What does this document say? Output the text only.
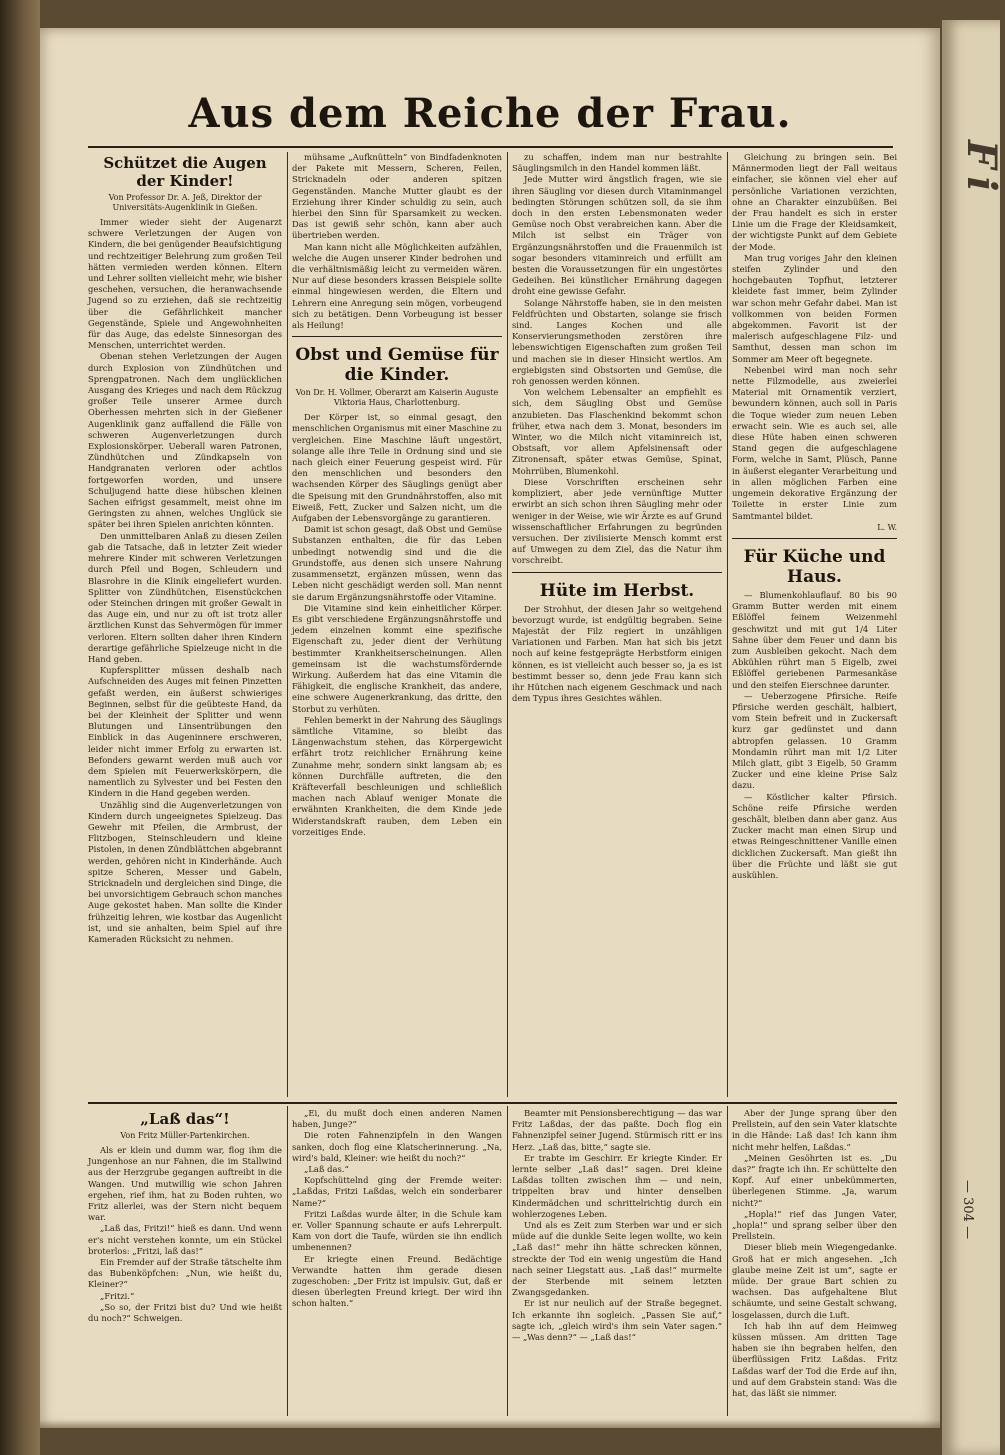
Fi
— 304 —
Aus dem Reiche der Frau.
Schützet die Augen der Kinder!
Von Professor Dr. A. Jeß, Direktor der Universitäts-Augenklinik in Gießen.

Immer wieder sieht der Augenarzt schwere Verletzungen der Augen von Kindern, die bei genügender Beaufsichtigung und rechtzeitiger Belehrung zum großen Teil hätten vermieden werden können. Eltern und Lehrer sollten vielleicht mehr, wie bisher geschehen, versuchen, die heranwachsende Jugend so zu erziehen, daß sie rechtzeitig über die Gefährlichkeit mancher Gegenstände, Spiele und Angewohnheiten für das Auge, das edelste Sinnesorgan des Menschen, unterrichtet werden.

Obenan stehen Verletzungen der Augen durch Explosion von Zündhütchen und Sprengpatronen. Nach dem unglücklichen Ausgang des Krieges und nach dem Rückzug großer Teile unserer Armee durch Oberhessen mehrten sich in der Gießener Augenklinik ganz auffallend die Fälle von schweren Augenverletzungen durch Explosionskörper. Ueberall waren Patronen, Zündhütchen und Zündkapseln von Handgranaten verloren oder achtlos fortgeworfen worden, und unsere Schuljugend hatte diese hübschen kleinen Sachen eifrigst gesammelt, meist ohne im Geringsten zu ahnen, welches Unglück sie später bei ihren Spielen anrichten könnten.

Den unmittelbaren Anlaß zu diesen Zeilen gab die Tatsache, daß in letzter Zeit wieder mehrere Kinder mit schweren Verletzungen durch Pfeil und Bogen, Schleudern und Blasrohre in die Klinik eingeliefert wurden. Splitter von Zündhütchen, Eisenstückchen oder Steinchen dringen mit großer Gewalt in das Auge ein, und nur zu oft ist trotz aller ärztlichen Kunst das Sehvermögen für immer verloren. Eltern sollten daher ihren Kindern derartige gefährliche Spielzeuge nicht in die Hand geben.

Kupfersplitter müssen deshalb nach Aufschneiden des Auges mit feinen Pinzetten gefaßt werden, ein äußerst schwieriges Beginnen, selbst für die geübteste Hand, da bei der Kleinheit der Splitter und wenn Blutungen und Linsentrübungen den Einblick in das Augeninnere erschweren, leider nicht immer Erfolg zu erwarten ist. Befonders gewarnt werden muß auch vor dem Spielen mit Feuerwerkskörpern, die namentlich zu Sylvester und bei Festen den Kindern in die Hand gegeben werden.

Unzählig sind die Augenverletzungen von Kindern durch ungeeignetes Spielzeug. Das Gewehr mit Pfeilen, die Armbrust, der Flitzbogen, Steinschleudern und kleine Pistolen, in denen Zündblättchen abgebrannt werden, gehören nicht in Kinderhände. Auch spitze Scheren, Messer und Gabeln, Stricknadeln und dergleichen sind Dinge, die bei unvorsichtigem Gebrauch schon manches Auge gekostet haben. Man sollte die Kinder frühzeitig lehren, wie kostbar das Augenlicht ist, und sie anhalten, beim Spiel auf ihre Kameraden Rücksicht zu nehmen.

mühsame „Aufknütteln“ von Bindfadenknoten der Pakete mit Messern, Scheren, Feilen, Stricknadeln oder anderen spitzen Gegenständen. Manche Mutter glaubt es der Erziehung ihrer Kinder schuldig zu sein, auch hierbei den Sinn für Sparsamkeit zu wecken. Das ist gewiß sehr schön, kann aber auch übertrieben werden.

Man kann nicht alle Möglichkeiten aufzählen, welche die Augen unserer Kinder bedrohen und die verhältnismäßig leicht zu vermeiden wären. Nur auf diese besonders krassen Beispiele sollte einmal hingewiesen werden, die Eltern und Lehrern eine Anregung sein mögen, vorbeugend sich zu betätigen. Denn Vorbeugung ist besser als Heilung!

Obst und Gemüse für die Kinder.
Von Dr. H. Vollmer, Oberarzt am Kaiserin Auguste Viktoria Haus, Charlottenburg.

Der Körper ist, so einmal gesagt, den menschlichen Organismus mit einer Maschine zu vergleichen. Eine Maschine läuft ungestört, solange alle ihre Teile in Ordnung sind und sie nach gleich einer Feuerung gespeist wird. Für den menschlichen und besonders den wachsenden Körper des Säuglings genügt aber die Speisung mit den Grundnährstoffen, also mit Eiweiß, Fett, Zucker und Salzen nicht, um die Aufgaben der Lebensvorgänge zu garantieren.

Damit ist schon gesagt, daß Obst und Gemüse Substanzen enthalten, die für das Leben unbedingt notwendig sind und die die Grundstoffe, aus denen sich unsere Nahrung zusammensetzt, ergänzen müssen, wenn das Leben nicht geschädigt werden soll. Man nennt sie darum Ergänzungsnährstoffe oder Vitamine.

Die Vitamine sind kein einheitlicher Körper. Es gibt verschiedene Ergänzungsnährstoffe und jedem einzelnen kommt eine spezifische Eigenschaft zu, jeder dient der Verhütung bestimmter Krankheitserscheinungen. Allen gemeinsam ist die wachstumsfördernde Wirkung. Außerdem hat das eine Vitamin die Fähigkeit, die englische Krankheit, das andere, eine schwere Augenerkrankung, das dritte, den Storbut zu verhüten.

Fehlen bemerkt in der Nahrung des Säuglings sämtliche Vitamine, so bleibt das Längenwachstum stehen, das Körpergewicht erfährt trotz reichlicher Ernährung keine Zunahme mehr, sondern sinkt langsam ab; es können Durchfälle auftreten, die den Kräfteverfall beschleunigen und schließlich machen nach Ablauf weniger Monate die erwähnten Krankheiten, die dem Kinde jede Widerstandskraft rauben, dem Leben ein vorzeitiges Ende.

zu schaffen, indem man nur bestrahlte Säuglingsmilch in den Handel kommen läßt.

Jede Mutter wird ängstlich fragen, wie sie ihren Säugling vor diesen durch Vitaminmangel bedingten Störungen schützen soll, da sie ihm doch in den ersten Lebensmonaten weder Gemüse noch Obst verabreichen kann. Aber die Milch ist selbst ein Träger von Ergänzungsnährstoffen und die Frauenmilch ist sogar besonders vitaminreich und erfüllt am besten die Voraussetzungen für ein ungestörtes Gedeihen. Bei künstlicher Ernährung dagegen droht eine gewisse Gefahr.

Solange Nährstoffe haben, sie in den meisten Feldfrüchten und Obstarten, solange sie frisch sind. Langes Kochen und alle Konservierungsmethoden zerstören ihre lebenswichtigen Eigenschaften zum großen Teil und machen sie in dieser Hinsicht wertlos. Am ergiebigsten sind Obstsorten und Gemüse, die roh genossen werden können.

Von welchem Lebensalter an empfiehlt es sich, dem Säugling Obst und Gemüse anzubieten. Das Flaschenkind bekommt schon früher, etwa nach dem 3. Monat, besonders im Winter, wo die Milch nicht vitaminreich ist, Obstsaft, vor allem Apfelsinensaft oder Zitronensaft, später etwas Gemüse, Spinat, Mohrrüben, Blumenkohl.

Diese Vorschriften erscheinen sehr kompliziert, aber jede vernünftige Mutter erwirbt an sich schon ihren Säugling mehr oder weniger in der Weise, wie wir Ärzte es auf Grund wissenschaftlicher Erfahrungen zu begründen versuchen. Der zivilisierte Mensch kommt erst auf Umwegen zu dem Ziel, das die Natur ihm vorschreibt.

Hüte im Herbst.

Der Strohhut, der diesen Jahr so weitgehend bevorzugt wurde, ist endgültig begraben. Seine Majestät der Filz regiert in unzähligen Variationen und Farben. Man hat sich bis jetzt noch auf keine festgeprägte Herbstform einigen können, es ist vielleicht auch besser so, ja es ist bestimmt besser so, denn jede Frau kann sich ihr Hütchen nach eigenem Geschmack und nach dem Typus ihres Gesichtes wählen.

Gleichung zu bringen sein. Bei Männermoden liegt der Fall weitaus einfacher, sie können viel eher auf persönliche Variationen verzichten, ohne an Charakter einzubüßen. Bei der Frau handelt es sich in erster Linie um die Frage der Kleidsamkeit, der wichtigste Punkt auf dem Gebiete der Mode.

Man trug voriges Jahr den kleinen steifen Zylinder und den hochgebauten Topfhut, letzterer kleidete fast immer, beim Zylinder war schon mehr Gefahr dabei. Man ist vollkommen von beiden Formen abgekommen. Favorit ist der malerisch aufgeschlagene Filz- und Samthut, dessen man schon im Sommer am Meer oft begegnete.

Nebenbei wird man noch sehr nette Filzmodelle, aus zweierlei Material mit Ornamentik verziert, bewundern können, auch soll in Paris die Toque wieder zum neuen Leben erwacht sein. Wie es auch sei, alle diese Hüte haben einen schweren Stand gegen die aufgeschlagene Form, welche in Samt, Plüsch, Panne in äußerst eleganter Verarbeitung und in allen möglichen Farben eine ungemein dekorative Ergänzung der Toilette in erster Linie zum Samtmantel bildet.

L. W.
Für Küche und Haus.

— Blumenkohlauflauf. 80 bis 90 Gramm Butter werden mit einem Eßlöffel feinem Weizenmehl geschwitzt und mit gut 1/4 Liter Sahne über dem Feuer und dann bis zum Ausbleiben gekocht. Nach dem Abkühlen rührt man 5 Eigelb, zwei Eßlöffel geriebenen Parmesankäse und den steifen Eierschnee darunter.

— Ueberzogene Pfirsiche. Reife Pfirsiche werden geschält, halbiert, vom Stein befreit und in Zuckersaft kurz gar gedünstet und dann abtropfen gelassen. 10 Gramm Mondamin rührt man mit 1/2 Liter Milch glatt, gibt 3 Eigelb, 50 Gramm Zucker und eine kleine Prise Salz dazu.

— Köstlicher kalter Pfirsich. Schöne reife Pfirsiche werden geschält, bleiben dann aber ganz. Aus Zucker macht man einen Sirup und etwas Reingeschnittener Vanille einen dicklichen Zuckersaft. Man gießt ihn über die Früchte und läßt sie gut auskühlen.

„Laß das“!
Von Fritz Müller-Partenkirchen.

Als er klein und dumm war, flog ihm die Jungenhose an nur Fahnen, die im Stallwind aus der Herzgrube gegangen auftreibt in die Wangen. Und mutwillig wie schon Jahren ergehen, rief ihm, hat zu Boden ruhten, wo Fritz allerlei, was der Stern nicht bequem war.

„Laß das, Fritzi!“ hieß es dann. Und wenn er's nicht verstehen konnte, um ein Stückel broterlos: „Fritzi, laß das!“

Ein Fremder auf der Straße tätschelte ihm das Bubenköpfchen: „Nun, wie heißt du, Kleiner?“

„Fritzi.“

„So so, der Fritzi bist du? Und wie heißt du noch?“ Schweigen.

„Ei, du mußt doch einen anderen Namen haben, Junge?“

Die roten Fahnenzipfeln in den Wangen sanken, doch flog eine Klatscherinnerung. „Na, wird's bald, Kleiner: wie heißt du noch?“

„Laß das.“

Kopfschüttelnd ging der Fremde weiter: „Laßdas, Fritzi Laßdas, welch ein sonderbarer Name?“

Fritzi Laßdas wurde älter, in die Schule kam er. Voller Spannung schaute er aufs Lehrerpult. Kam von dort die Taufe, würden sie ihn endlich umbenennen?

Er kriegte einen Freund. Bedächtige Verwandte hatten ihm gerade diesen zugeschoben: „Der Fritz ist impulsiv. Gut, daß er diesen überlegten Freund kriegt. Der wird ihn schon halten.“

Beamter mit Pensionsberechtigung — das war Fritz Laßdas, der das paßte. Doch flog ein Fahnenzipfel seiner Jugend. Stürmisch ritt er ins Herz. „Laß das, bitte,“ sagte sie.

Er trabte im Geschirr. Er kriegte Kinder. Er lernte selber „Laß das!“ sagen. Drei kleine Laßdas tollten zwischen ihm — und nein, trippelten brav und hinter denselben Kindermädchen und schrittelrichtig durch ein wohlerzogenes Leben.

Und als es Zeit zum Sterben war und er sich müde auf die dunkle Seite legen wollte, wo kein „Laß das!“ mehr ihn hätte schrecken können, streckte der Tod ein wenig ungestüm die Hand nach seiner Liegstatt aus. „Laß das!“ murmelte der Sterbende mit seinem letzten Zwangsgedanken.

Er ist nur neulich auf der Straße begegnet. Ich erkannte ihn sogleich. „Passen Sie auf,“ sagte ich, „gleich wird's ihm sein Vater sagen.“ — „Was denn?“ — „Laß das!“

Aber der Junge sprang über den Prellstein, auf den sein Vater klatschte in die Hände: Laß das! Ich kann ihm nicht mehr helfen, Laßdas.“

„Meinen Gesöhrten ist es. „Du das?“ fragte ich ihn. Er schüttelte den Kopf. Auf einer unbekümmerten, überlegenen Stimme. „Ja, warum nicht?“

„Hopla!“ rief das Jungen Vater, „hopla!“ und sprang selber über den Prellstein.

Dieser blieb mein Wiegengedanke. Groß hat er mich angesehen. „Ich glaube meine Zeit ist um“, sagte er müde. Der graue Bart schien zu wachsen. Das aufgehaltene Blut schäumte, und seine Gestalt schwang, losgelassen, durch die Luft.

Ich hab ihn auf dem Heimweg küssen müssen. Am dritten Tage haben sie ihn begraben helfen, den überflüssigen Fritz Laßdas. Fritz Laßdas warf der Tod die Erde auf ihn, und auf dem Grabstein stand: Was die hat, das läßt sie nimmer.
